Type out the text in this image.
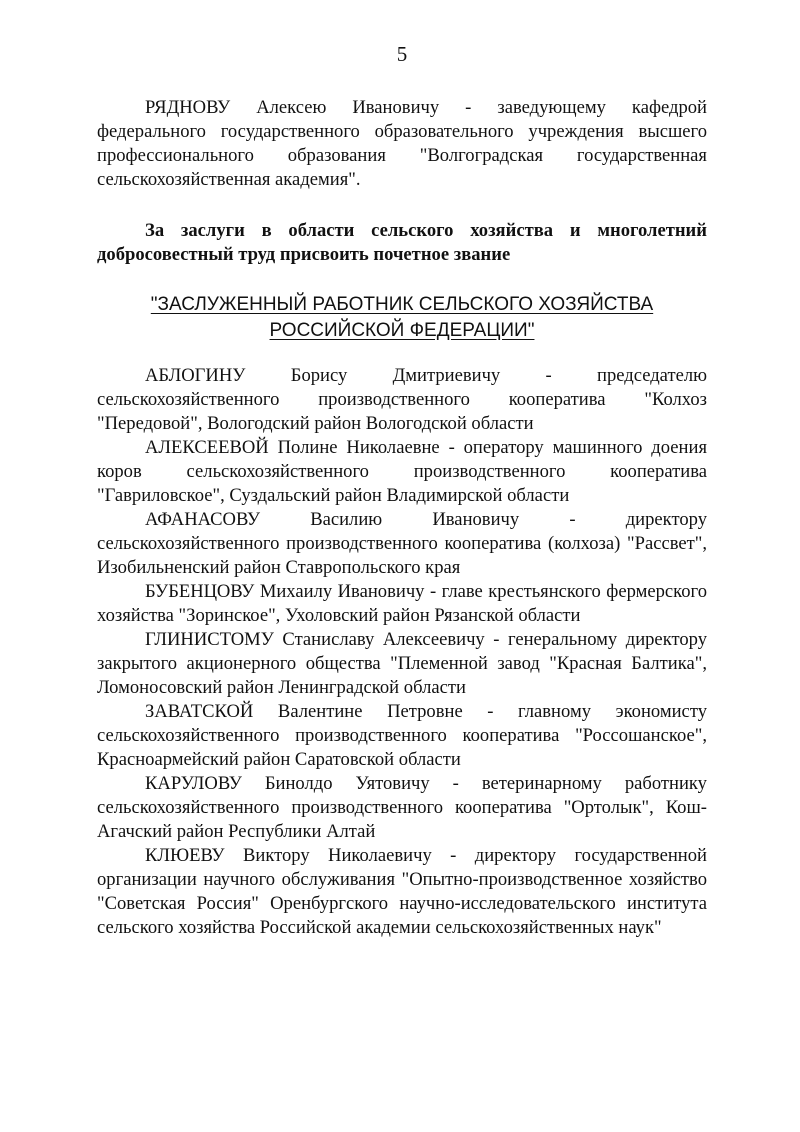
5

РЯДНОВУ Алексею Ивановичу - заведующему кафедрой федерального государственного образовательного учреждения высшего профессионального образования "Волгоградская государственная сельскохозяйственная академия".

За заслуги в области сельского хозяйства и многолетний добросовестный труд присвоить почетное звание

"ЗАСЛУЖЕННЫЙ РАБОТНИК СЕЛЬСКОГО ХОЗЯЙСТВА
РОССИЙСКОЙ ФЕДЕРАЦИИ"

АБЛОГИНУ Борису Дмитриевичу - председателю сельскохозяйственного производственного кооператива "Колхоз "Передовой", Вологодский район Вологодской области

АЛЕКСЕЕВОЙ Полине Николаевне - оператору машинного доения коров сельскохозяйственного производственного кооператива "Гавриловское", Суздальский район Владимирской области

АФАНАСОВУ	Василию Ивановичу - директору сельскохозяйственного производственного кооператива (колхоза) "Рассвет", Изобильненский район Ставропольского края

БУБЕНЦОВУ Михаилу Ивановичу - главе крестьянского фермерского хозяйства "Зоринское", Ухоловский район Рязанской области

ГЛИНИСТОМУ Станиславу Алексеевичу - генеральному директору закрытого акционерного общества "Племенной завод "Красная Балтика", Ломоносовский район Ленинградской области

ЗАВАТСКОЙ Валентине Петровне - главному экономисту сельскохозяйственного производственного кооператива "Россошанское", Красноармейский район Саратовской области

КАРУЛОВУ Бинолдо Уятовичу - ветеринарному работнику сельскохозяйственного производственного кооператива "Ортолык", Кош-Агачский район Республики Алтай

КЛЮЕВУ Виктору Николаевичу - директору государственной организации научного обслуживания "Опытно-производственное хозяйство "Советская Россия" Оренбургского научно-исследовательского института сельского хозяйства Российской академии сельскохозяйственных наук"
